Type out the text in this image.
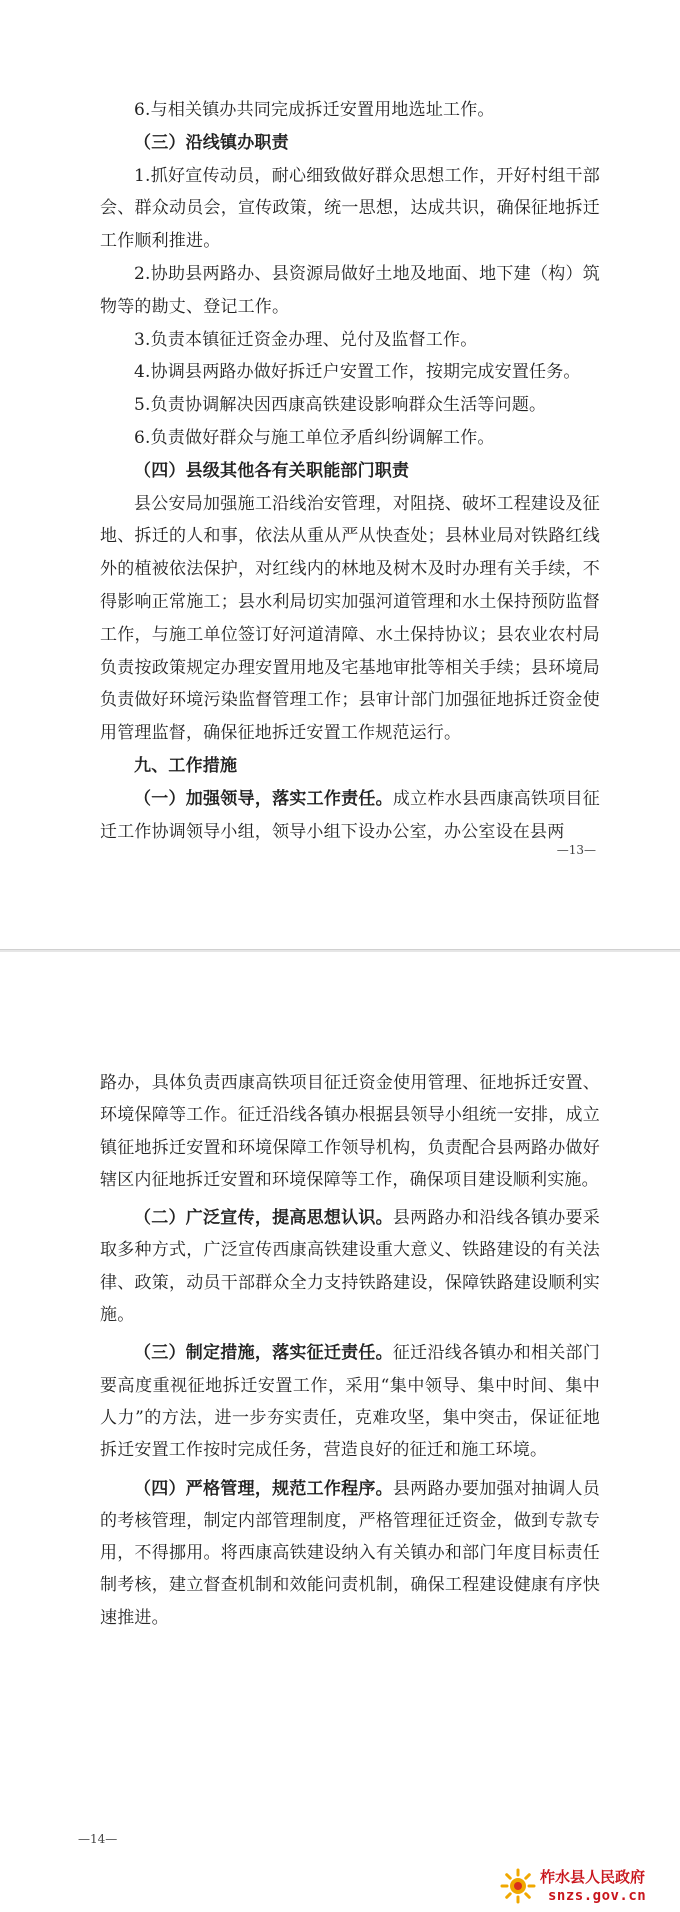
6.与相关镇办共同完成拆迁安置用地选址工作。

（三）沿线镇办职责

1.抓好宣传动员，耐心细致做好群众思想工作，开好村组干部会、群众动员会，宣传政策，统一思想，达成共识，确保征地拆迁工作顺利推进。

2.协助县两路办、县资源局做好土地及地面、地下建（构）筑物等的勘丈、登记工作。

3.负责本镇征迁资金办理、兑付及监督工作。

4.协调县两路办做好拆迁户安置工作，按期完成安置任务。

5.负责协调解决因西康高铁建设影响群众生活等问题。

6.负责做好群众与施工单位矛盾纠纷调解工作。

（四）县级其他各有关职能部门职责

县公安局加强施工沿线治安管理，对阻挠、破坏工程建设及征地、拆迁的人和事，依法从重从严从快查处；县林业局对铁路红线外的植被依法保护，对红线内的林地及树木及时办理有关手续，不得影响正常施工；县水利局切实加强河道管理和水土保持预防监督工作，与施工单位签订好河道清障、水土保持协议；县农业农村局负责按政策规定办理安置用地及宅基地审批等相关手续；县环境局负责做好环境污染监督管理工作；县审计部门加强征地拆迁资金使用管理监督，确保征地拆迁安置工作规范运行。

九、工作措施

（一）加强领导，落实工作责任。成立柞水县西康高铁项目征迁工作协调领导小组，领导小组下设办公室，办公室设在县两

—13—

路办，具体负责西康高铁项目征迁资金使用管理、征地拆迁安置、环境保障等工作。征迁沿线各镇办根据县领导小组统一安排，成立镇征地拆迁安置和环境保障工作领导机构，负责配合县两路办做好辖区内征地拆迁安置和环境保障等工作，确保项目建设顺利实施。

（二）广泛宣传，提高思想认识。县两路办和沿线各镇办要采取多种方式，广泛宣传西康高铁建设重大意义、铁路建设的有关法律、政策，动员干部群众全力支持铁路建设，保障铁路建设顺利实施。

（三）制定措施，落实征迁责任。征迁沿线各镇办和相关部门要高度重视征地拆迁安置工作，采用“集中领导、集中时间、集中人力”的方法，进一步夯实责任，克难攻坚，集中突击，保证征地拆迁安置工作按时完成任务，营造良好的征迁和施工环境。

（四）严格管理，规范工作程序。县两路办要加强对抽调人员的考核管理，制定内部管理制度，严格管理征迁资金，做到专款专用，不得挪用。将西康高铁建设纳入有关镇办和部门年度目标责任制考核，建立督查机制和效能问责机制，确保工程建设健康有序快速推进。

—14—
柞水县人民政府
snzs.gov.cn
